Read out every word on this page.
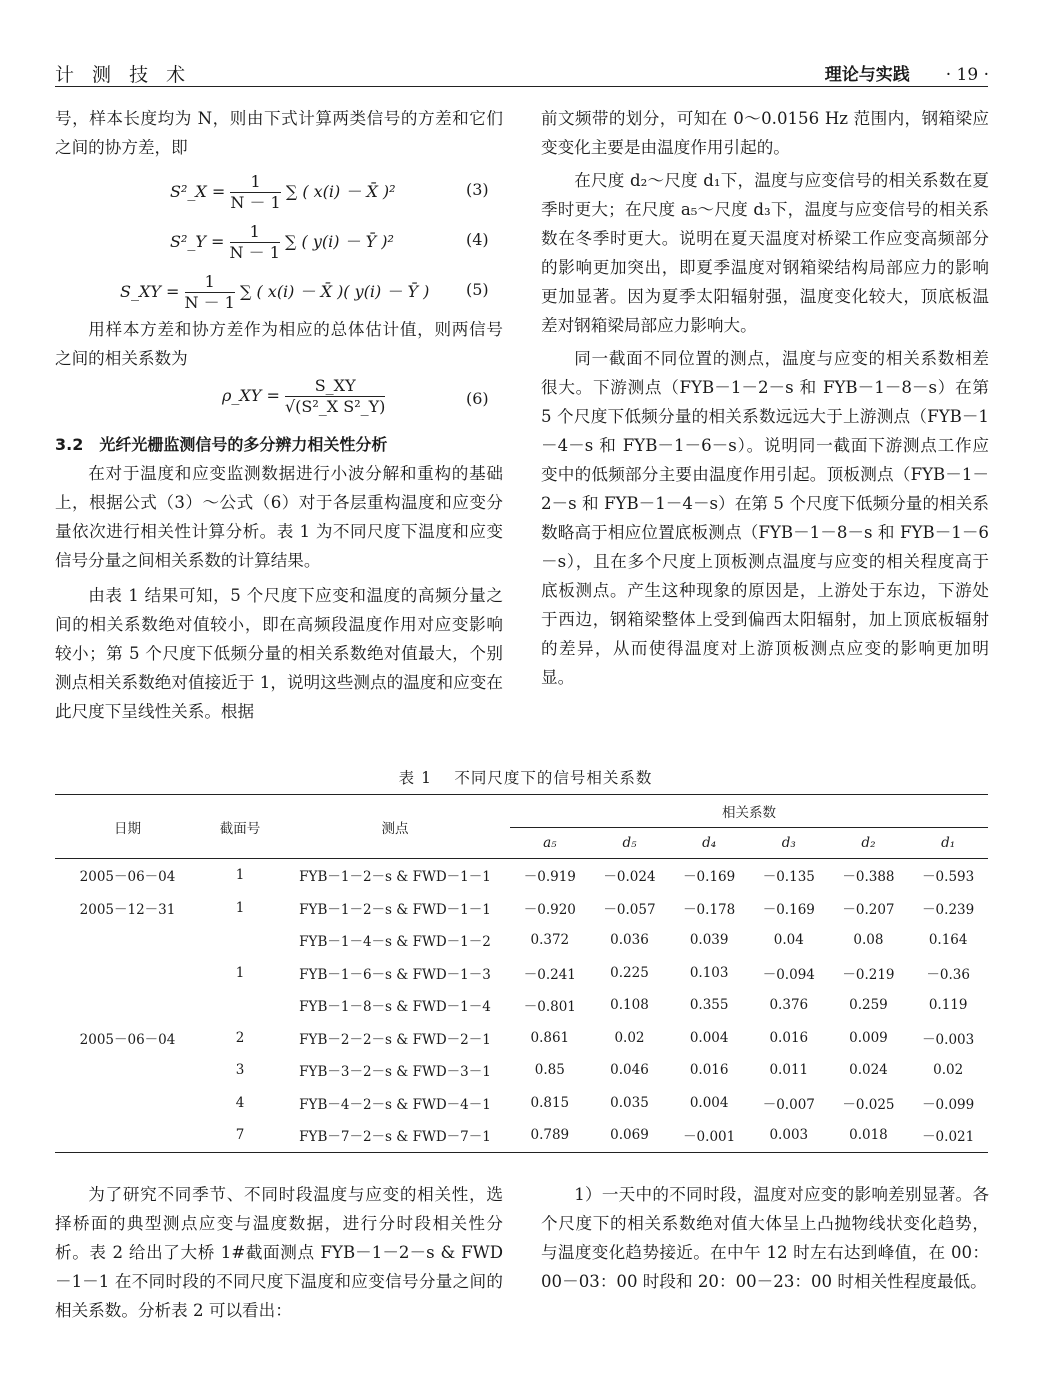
计 测 技 术	理论与实践 · 19 ·

号，样本长度均为 N，则由下式计算两类信号的方差和它们之间的协方差，即

S²_X = $\frac{1}{N - 1}$ ∑ ( x(i) － X̄ )²	(3)
S²_Y = $\frac{1}{N - 1}$ ∑ ( y(i) － Ȳ )²	(4)
S_XY = $\frac{1}{N - 1}$ ∑ ( x(i) － X̄ )( y(i) － Ȳ ) (5)

用样本方差和协方差作为相应的总体估计值，则两信号之间的相关系数为

ρ_XY = $\frac{S\_XY}{\text{√(S²\_X S²\_Y)}}$	(6)

3.2　光纤光栅监测信号的多分辨力相关性分析

在对于温度和应变监测数据进行小波分解和重构的基础上，根据公式（3）～公式（6）对于各层重构温度和应变分量依次进行相关性计算分析。表 1 为不同尺度下温度和应变信号分量之间相关系数的计算结果。

由表 1 结果可知，5 个尺度下应变和温度的高频分量之间的相关系数绝对值较小，即在高频段温度作用对应变影响较小；第 5 个尺度下低频分量的相关系数绝对值最大，个别测点相关系数绝对值接近于 1，说明这些测点的温度和应变在此尺度下呈线性关系。根据

前文频带的划分，可知在 0～0.0156 Hz 范围内，钢箱梁应变变化主要是由温度作用引起的。

在尺度 d₂～尺度 d₁下，温度与应变信号的相关系数在夏季时更大；在尺度 a₅～尺度 d₃下，温度与应变信号的相关系数在冬季时更大。说明在夏天温度对桥梁工作应变高频部分的影响更加突出，即夏季温度对钢箱梁结构局部应力的影响更加显著。因为夏季太阳辐射强，温度变化较大，顶底板温差对钢箱梁局部应力影响大。

同一截面不同位置的测点，温度与应变的相关系数相差很大。下游测点（FYB－1－2－s 和 FYB－1－8－s）在第 5 个尺度下低频分量的相关系数远远大于上游测点（FYB－1－4－s 和 FYB－1－6－s）。说明同一截面下游测点工作应变中的低频部分主要由温度作用引起。顶板测点（FYB－1－2－s 和 FYB－1－4－s）在第 5 个尺度下低频分量的相关系数略高于相应位置底板测点（FYB－1－8－s 和 FYB－1－6－s），且在多个尺度上顶板测点温度与应变的相关程度高于底板测点。产生这种现象的原因是，上游处于东边，下游处于西边，钢箱梁整体上受到偏西太阳辐射，加上顶底板辐射的差异，从而使得温度对上游顶板测点应变的影响更加明显。

表 1　 不同尺度下的信号相关系数
日期	截面号	测点	相关系数					
			a₅	d₅	d₄	d₃	d₂	d₁
2005－06－04	1	FYB－1－2－s & FWD－1－1	－0.919	－0.024	－0.169	－0.135	－0.388	－0.593
2005－12－31	1	FYB－1－2－s & FWD－1－1	－0.920	－0.057	－0.178	－0.169	－0.207	－0.239
		FYB－1－4－s & FWD－1－2	0.372	0.036	0.039	0.04	0.08	0.164
	1	FYB－1－6－s & FWD－1－3	－0.241	0.225	0.103	－0.094	－0.219	－0.36
		FYB－1－8－s & FWD－1－4	－0.801	0.108	0.355	0.376	0.259	0.119
2005－06－04	2	FYB－2－2－s & FWD－2－1	0.861	0.02	0.004	0.016	0.009	－0.003
	3	FYB－3－2－s & FWD－3－1	0.85	0.046	0.016	0.011	0.024	0.02
	4	FYB－4－2－s & FWD－4－1	0.815	0.035	0.004	－0.007	－0.025	－0.099
	7	FYB－7－2－s & FWD－7－1	0.789	0.069	－0.001	0.003	0.018	－0.021

为了研究不同季节、不同时段温度与应变的相关性，选择桥面的典型测点应变与温度数据，进行分时段相关性分析。表 2 给出了大桥 1#截面测点 FYB－1－2－s & FWD－1－1 在不同时段的不同尺度下温度和应变信号分量之间的相关系数。分析表 2 可以看出：

1）一天中的不同时段，温度对应变的影响差别显著。各个尺度下的相关系数绝对值大体呈上凸抛物线状变化趋势，与温度变化趋势接近。在中午 12 时左右达到峰值，在 00：00－03：00 时段和 20：00－23：00 时相关性程度最低。
